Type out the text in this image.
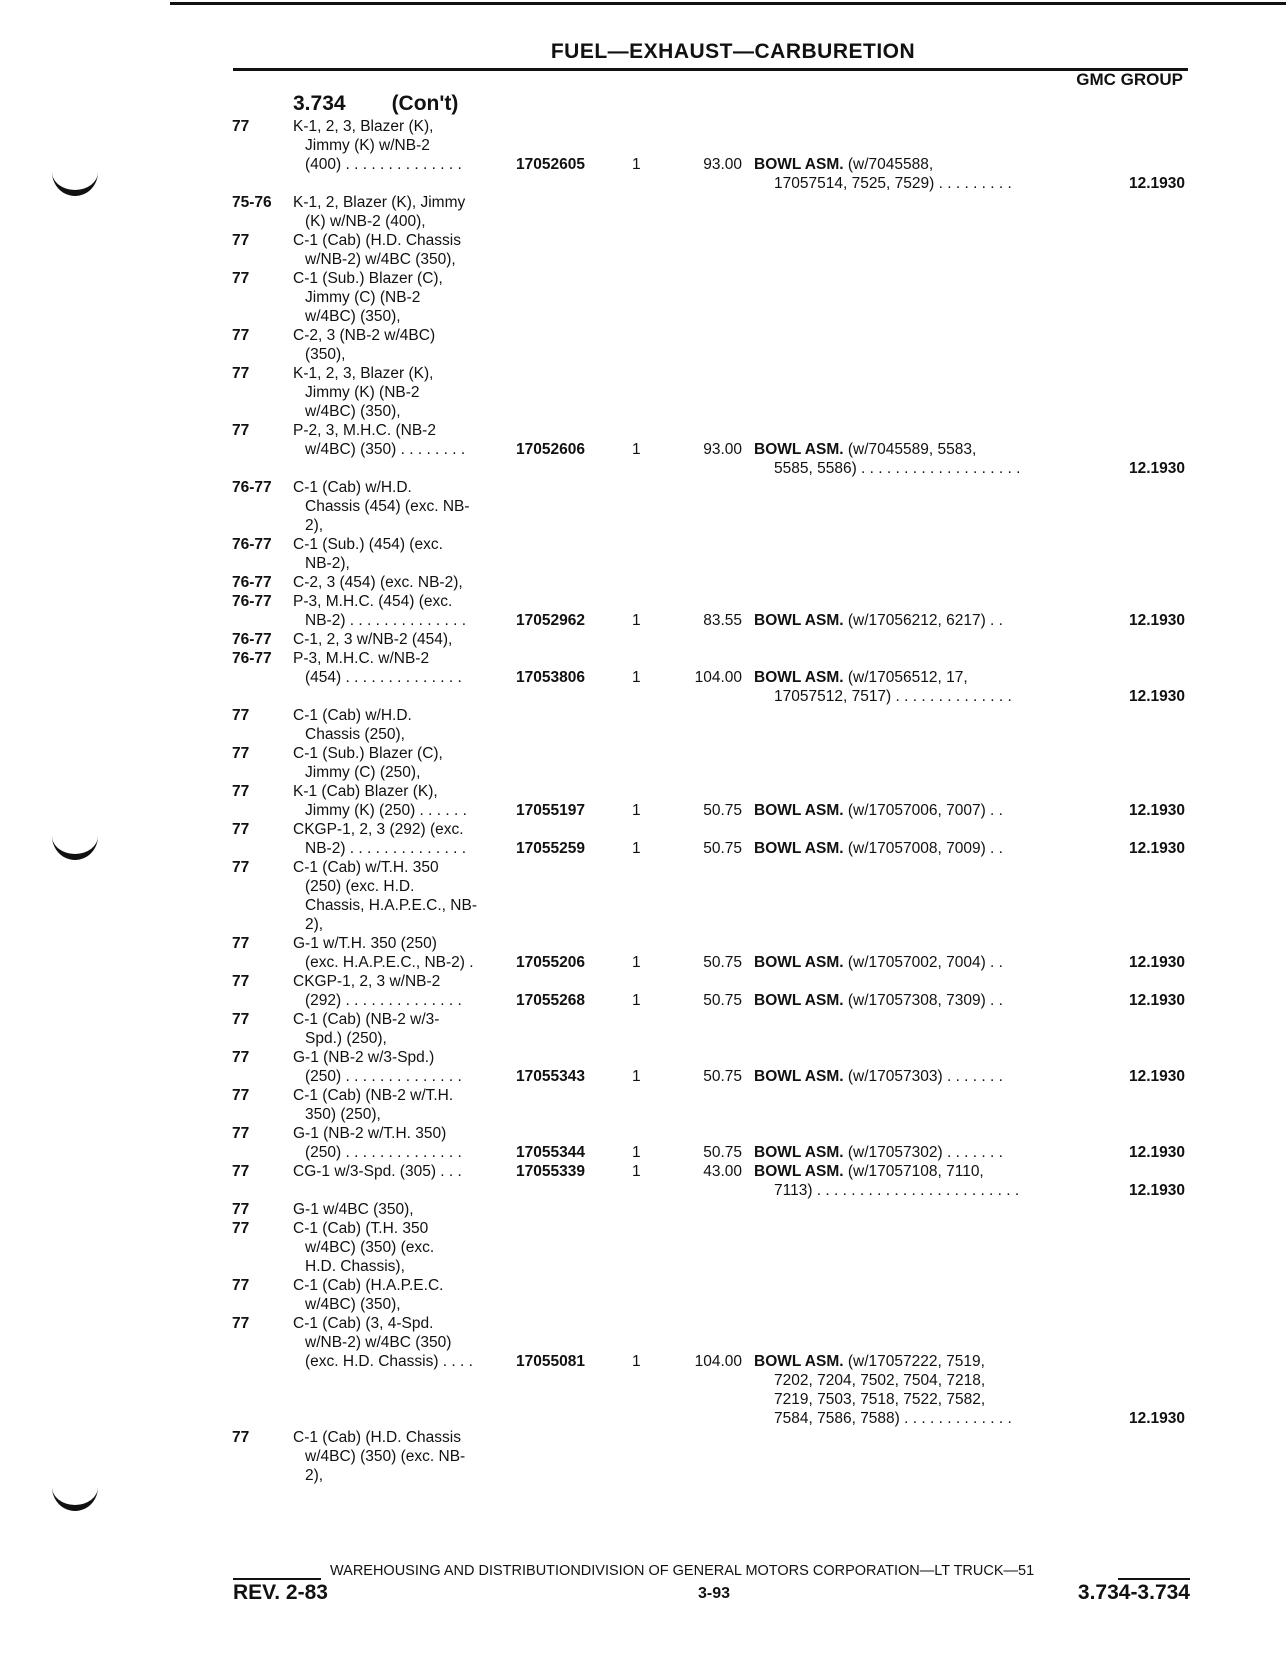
FUEL—EXHAUST—CARBURETION
GMC GROUP
3.734 (Con't)
77	K-1, 2, 3, Blazer (K),
Jimmy (K) w/NB-2
(400) . . . . . . . . . . . . . .	17052605	1	93.00 BOWL ASM. (w/7045588,
17057514, 7525, 7529) . . . . . . . . .	12.1930
75-76 K-1, 2, Blazer (K), Jimmy
(K) w/NB-2 (400),
77	C-1 (Cab) (H.D. Chassis
w/NB-2) w/4BC (350),
77	C-1 (Sub.) Blazer (C),
Jimmy (C) (NB-2
w/4BC) (350),
77	C-2, 3 (NB-2 w/4BC)
(350),
77	K-1, 2, 3, Blazer (K),
Jimmy (K) (NB-2
w/4BC) (350),
77	P-2, 3, M.H.C. (NB-2
w/4BC) (350) . . . . . . . .	17052606	1	93.00 BOWL ASM. (w/7045589, 5583,
5585, 5586) . . . . . . . . . . . . . . . . . . .	12.1930
76-77 C-1 (Cab) w/H.D.
Chassis (454) (exc. NB-
2),
76-77 C-1 (Sub.) (454) (exc.
NB-2),
76-77 C-2, 3 (454) (exc. NB-2),
76-77 P-3, M.H.C. (454) (exc.
NB-2) . . . . . . . . . . . . . .	17052962	1	83.55 BOWL ASM. (w/17056212, 6217) . .	12.1930
76-77 C-1, 2, 3 w/NB-2 (454),
76-77 P-3, M.H.C. w/NB-2
(454) . . . . . . . . . . . . . .	17053806	1	104.00 BOWL ASM. (w/17056512, 17,
17057512, 7517) . . . . . . . . . . . . . .	12.1930
77	C-1 (Cab) w/H.D.
Chassis (250),
77	C-1 (Sub.) Blazer (C),
Jimmy (C) (250),
77	K-1 (Cab) Blazer (K),
Jimmy (K) (250) . . . . . .	17055197	1	50.75 BOWL ASM. (w/17057006, 7007) . .	12.1930
77	CKGP-1, 2, 3 (292) (exc.
NB-2) . . . . . . . . . . . . . .	17055259	1	50.75 BOWL ASM. (w/17057008, 7009) . .	12.1930
77	C-1 (Cab) w/T.H. 350
(250) (exc. H.D.
Chassis, H.A.P.E.C., NB-
2),
77	G-1 w/T.H. 350 (250)
(exc. H.A.P.E.C., NB-2) .	17055206	1	50.75 BOWL ASM. (w/17057002, 7004) . .	12.1930
77	CKGP-1, 2, 3 w/NB-2
(292) . . . . . . . . . . . . . .	17055268	1	50.75 BOWL ASM. (w/17057308, 7309) . .	12.1930
77	C-1 (Cab) (NB-2 w/3-
Spd.) (250),
77	G-1 (NB-2 w/3-Spd.)
(250) . . . . . . . . . . . . . .	17055343	1	50.75 BOWL ASM. (w/17057303) . . . . . . .	12.1930
77	C-1 (Cab) (NB-2 w/T.H.
350) (250),
77	G-1 (NB-2 w/T.H. 350)
(250) . . . . . . . . . . . . . .	17055344	1	50.75 BOWL ASM. (w/17057302) . . . . . . .	12.1930
77	CG-1 w/3-Spd. (305) . . .	17055339	1	43.00 BOWL ASM. (w/17057108, 7110,
7113) . . . . . . . . . . . . . . . . . . . . . . . .	12.1930
77	G-1 w/4BC (350),
77	C-1 (Cab) (T.H. 350
w/4BC) (350) (exc.
H.D. Chassis),
77	C-1 (Cab) (H.A.P.E.C.
w/4BC) (350),
77	C-1 (Cab) (3, 4-Spd.
w/NB-2) w/4BC (350)
(exc. H.D. Chassis) . . . .	17055081	1	104.00 BOWL ASM. (w/17057222, 7519,
7202, 7204, 7502, 7504, 7218,
7219, 7503, 7518, 7522, 7582,
7584, 7586, 7588) . . . . . . . . . . . . .	12.1930
77	C-1 (Cab) (H.D. Chassis
w/4BC) (350) (exc. NB-
2),
WAREHOUSING AND DISTRIBUTIONDIVISION OF GENERAL MOTORS CORPORATION—LT TRUCK—51
REV. 2-83	3-93	3.734-3.734
